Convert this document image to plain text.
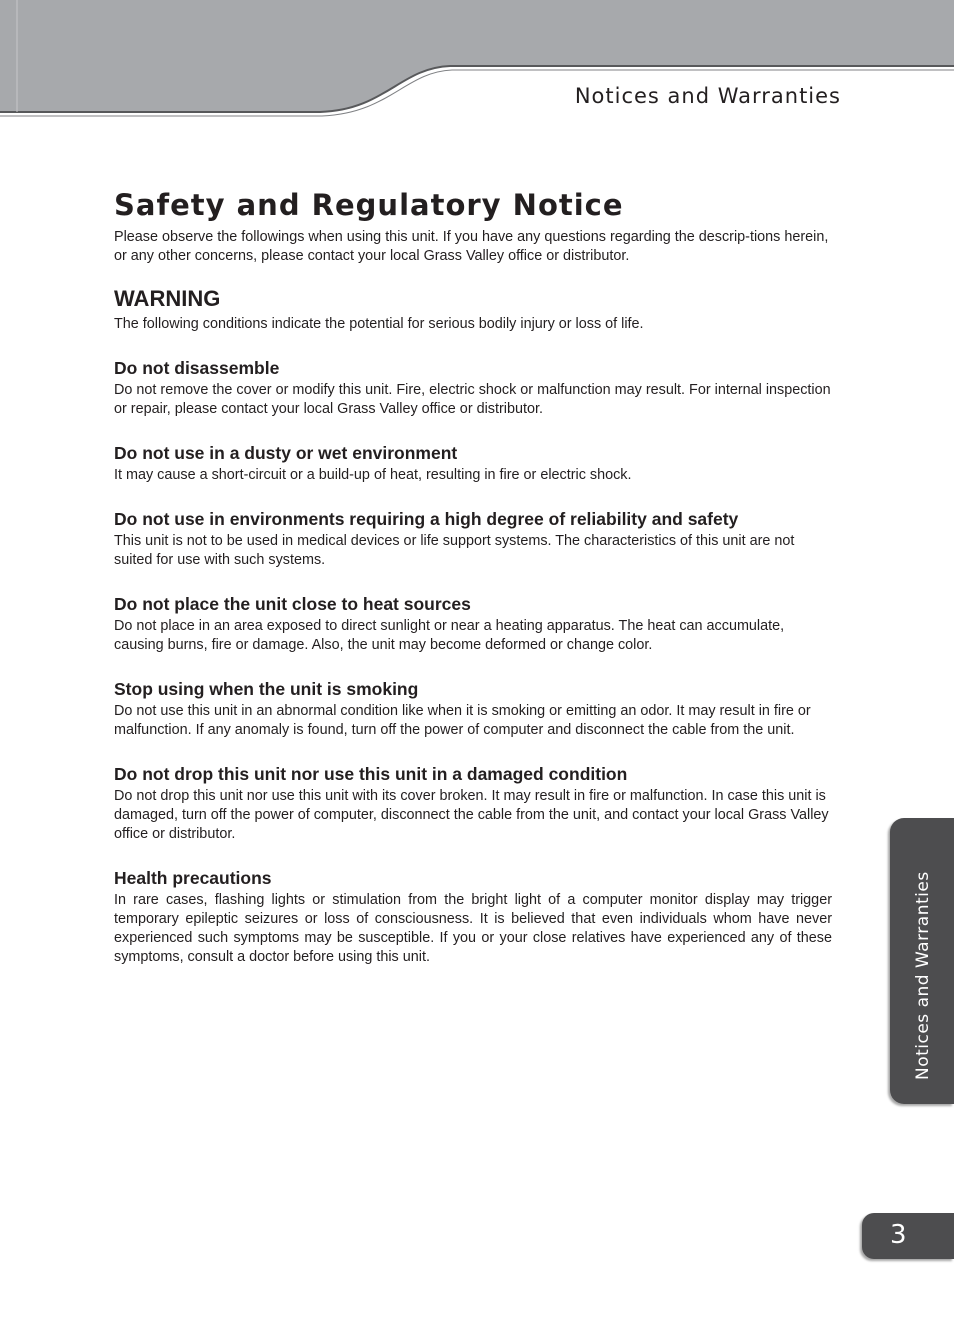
Notices and Warranties
Safety and Regulatory Notice

Please observe the followings when using this unit. If you have any questions regarding the descrip-tions herein, or any other concerns, please contact your local Grass Valley office or distributor.

WARNING

The following conditions indicate the potential for serious bodily injury or loss of life.

Do not disassemble

Do not remove the cover or modify this unit. Fire, electric shock or malfunction may result. For internal inspection or repair, please contact your local Grass Valley office or distributor.

Do not use in a dusty or wet environment

It may cause a short-circuit or a build-up of heat, resulting in fire or electric shock.

Do not use in environments requiring a high degree of reliability and safety

This unit is not to be used in medical devices or life support systems. The characteristics of this unit are not suited for use with such systems.

Do not place the unit close to heat sources

Do not place in an area exposed to direct sunlight or near a heating apparatus. The heat can accumulate, causing burns, fire or damage. Also, the unit may become deformed or change color.

Stop using when the unit is smoking

Do not use this unit in an abnormal condition like when it is smoking or emitting an odor. It may result in fire or malfunction. If any anomaly is found, turn off the power of computer and disconnect the cable from the unit.

Do not drop this unit nor use this unit in a damaged condition

Do not drop this unit nor use this unit with its cover broken. It may result in fire or malfunction. In case this unit is damaged, turn off the power of computer, disconnect the cable from the unit, and contact your local Grass Valley office or distributor.

Health precautions

In rare cases, flashing lights or stimulation from the bright light of a computer monitor display may trigger temporary epileptic seizures or loss of consciousness. It is believed that even individuals whom have never experienced such symptoms may be susceptible. If you or your close relatives have experienced any of these symptoms, consult a doctor before using this unit.	Notices and Warranties
3
